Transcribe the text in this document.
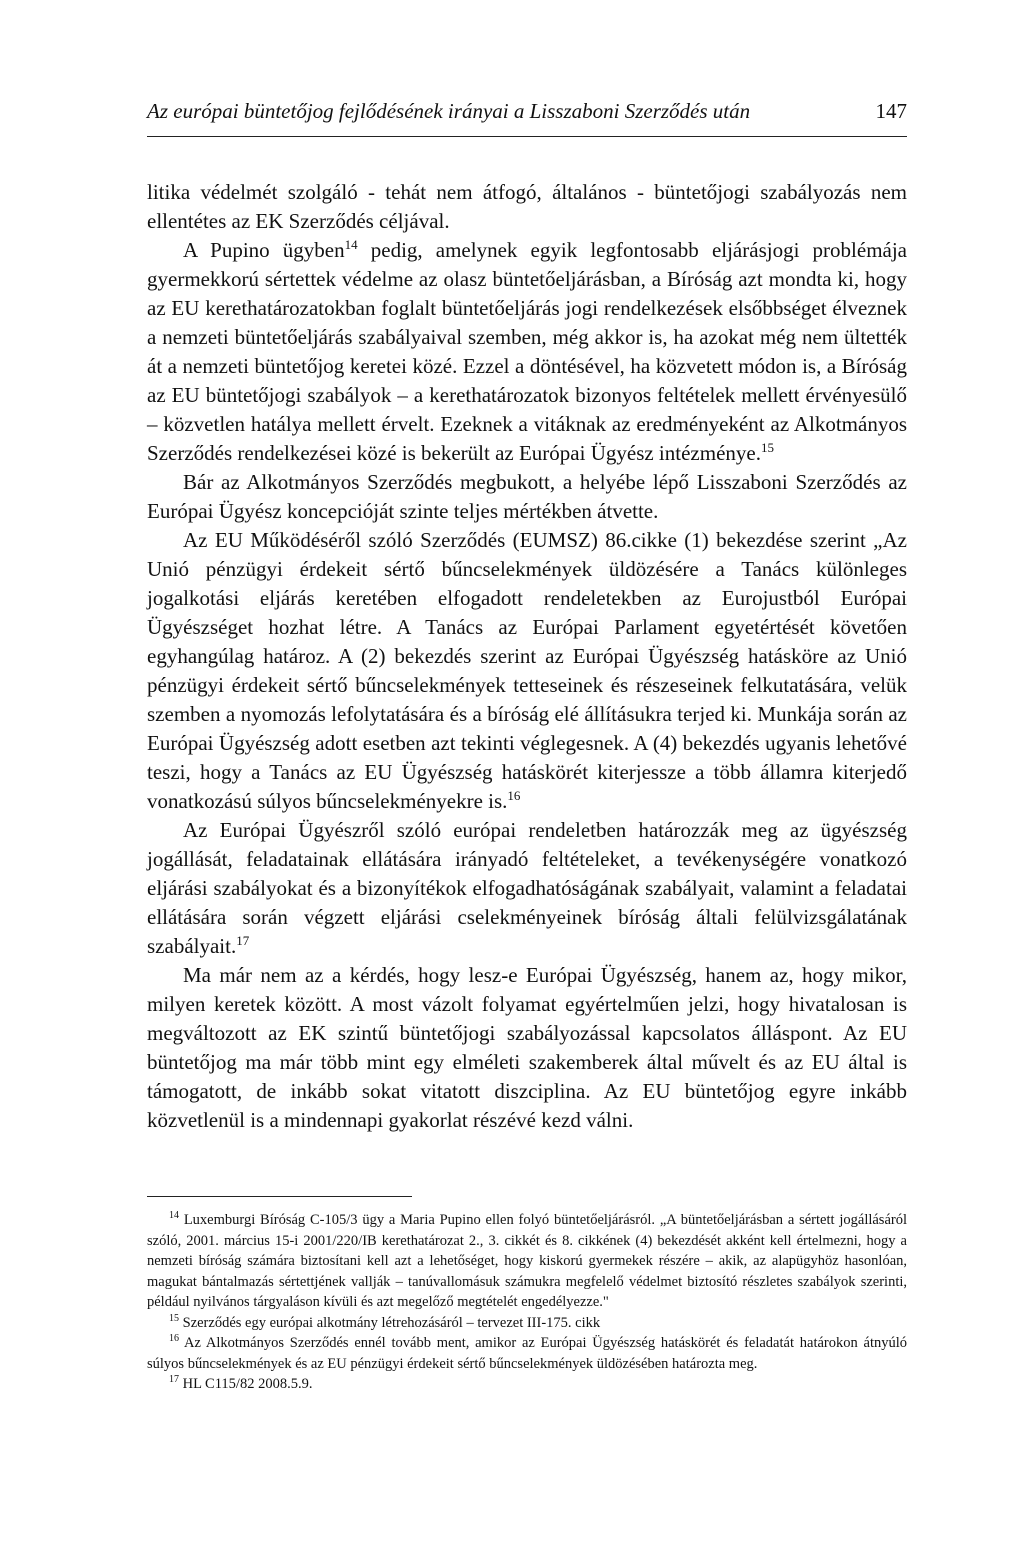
Az európai büntetőjog fejlődésének irányai a Lisszaboni Szerződés után	147

litika védelmét szolgáló - tehát nem átfogó, általános - büntetőjogi szabályozás nem ellentétes az EK Szerződés céljával.

A Pupino ügyben$^{14}$ pedig, amelynek egyik legfontosabb eljárásjogi problémája gyermekkorú sértettek védelme az olasz büntetőeljárásban, a Bíróság azt mondta ki, hogy az EU kerethatározatokban foglalt büntetőeljárás jogi rendelkezések elsőbbséget élveznek a nemzeti büntetőeljárás szabályaival szemben, még akkor is, ha azokat még nem ültették át a nemzeti büntetőjog keretei közé. Ezzel a döntésével, ha közvetett módon is, a Bíróság az EU büntetőjogi szabályok – a kerethatározatok bizonyos feltételek mellett érvényesülő – közvetlen hatálya mellett érvelt. Ezeknek a vitáknak az eredményeként az Alkotmányos Szerződés rendelkezései közé is bekerült az Európai Ügyész intézménye.$^{15}$

Bár az Alkotmányos Szerződés megbukott, a helyébe lépő Lisszaboni Szerződés az Európai Ügyész koncepcióját szinte teljes mértékben átvette.

Az EU Működéséről szóló Szerződés (EUMSZ) 86.cikke (1) bekezdése szerint „Az Unió pénzügyi érdekeit sértő bűncselekmények üldözésére a Tanács különleges jogalkotási eljárás keretében elfogadott rendeletekben az Eurojustból Európai Ügyészséget hozhat létre. A Tanács az Európai Parlament egyetértését követően egyhangúlag határoz. A (2) bekezdés szerint az Európai Ügyészség hatásköre az Unió pénzügyi érdekeit sértő bűncselekmények tetteseinek és részeseinek felkutatására, velük szemben a nyomozás lefolytatására és a bíróság elé állításukra terjed ki. Munkája során az Európai Ügyészség adott esetben azt tekinti véglegesnek. A (4) bekezdés ugyanis lehetővé teszi, hogy a Tanács az EU Ügyészség hatáskörét kiterjessze a több államra kiterjedő vonatkozású súlyos bűncselekményekre is.$^{16}$

Az Európai Ügyészről szóló európai rendeletben határozzák meg az ügyészség jogállását, feladatainak ellátására irányadó feltételeket, a tevékenységére vonatkozó eljárási szabályokat és a bizonyítékok elfogadhatóságának szabályait, valamint a feladatai ellátására során végzett eljárási cselekményeinek bíróság általi felülvizsgálatának szabályait.$^{17}$

Ma már nem az a kérdés, hogy lesz-e Európai Ügyészség, hanem az, hogy mikor, milyen keretek között. A most vázolt folyamat egyértelműen jelzi, hogy hivatalosan is megváltozott az EK szintű büntetőjogi szabályozással kapcsolatos álláspont. Az EU büntetőjog ma már több mint egy elméleti szakemberek által művelt és az EU által is támogatott, de inkább sokat vitatott diszciplina. Az EU büntetőjog egyre inkább közvetlenül is a mindennapi gyakorlat részévé kezd válni.

$^{14}$ Luxemburgi Bíróság C-105/3 ügy a Maria Pupino ellen folyó büntetőeljárásról. „A büntetőeljárásban a sértett jogállásáról szóló, 2001. március 15-i 2001/220/IB kerethatározat 2., 3. cikkét és 8. cikkének (4) bekezdését akként kell értelmezni, hogy a nemzeti bíróság számára biztosítani kell azt a lehetőséget, hogy kiskorú gyermekek részére – akik, az alapügyhöz hasonlóan, magukat bántalmazás sértettjének vallják – tanúvallomásuk számukra megfelelő védelmet biztosító részletes szabályok szerinti, például nyilvános tárgyaláson kívüli és azt megelőző megtételét engedélyezze."

$^{15}$ Szerződés egy európai alkotmány létrehozásáról – tervezet III-175. cikk

$^{16}$ Az Alkotmányos Szerződés ennél tovább ment, amikor az Európai Ügyészség hatáskörét és feladatát határokon átnyúló súlyos bűncselekmények és az EU pénzügyi érdekeit sértő bűncselekmények üldözésében határozta meg.

$^{17}$ HL C115/82 2008.5.9.
